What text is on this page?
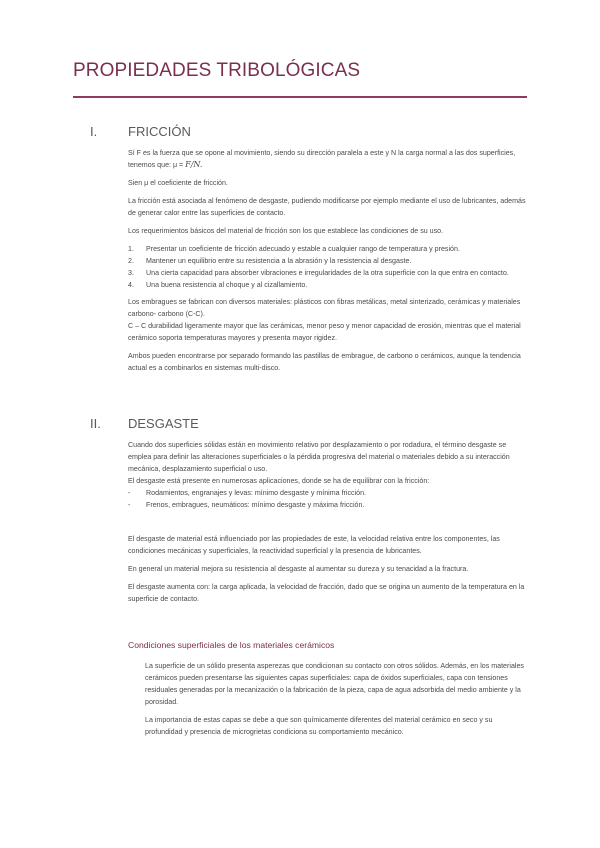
PROPIEDADES TRIBOLÓGICAS
I. FRICCIÓN

Sí F es la fuerza que se opone al movimiento, siendo su dirección paralela a este y N la carga normal a las dos superficies, tenemos que: μ = F/N.

Sien μ el coeficiente de fricción.

La fricción está asociada al fenómeno de desgaste, pudiendo modificarse por ejemplo mediante el uso de lubricantes, además de generar calor entre las superficies de contacto.

Los requerimientos básicos del material de fricción son los que establece las condiciones de su uso.

1. Presentar un coeficiente de fricción adecuado y estable a cualquier rango de temperatura y presión.
2. Mantener un equilibrio entre su resistencia a la abrasión y la resistencia al desgaste.
3. Una cierta capacidad para absorber vibraciones e irregularidades de la otra superficie con la que entra en contacto.
4. Una buena resistencia al choque y al cizallamiento.

Los embragues se fabrican con diversos materiales: plásticos con fibras metálicas, metal sinterizado, cerámicas y materiales carbono- carbono (C-C).

C – C durabilidad ligeramente mayor que las cerámicas, menor peso y menor capacidad de erosión, mientras que el material cerámico soporta temperaturas mayores y presenta mayor rigidez.

Ambos pueden encontrarse por separado formando las pastillas de embrague, de carbono o cerámicos, aunque la tendencia actual es a combinarlos en sistemas multi-disco.

II. DESGASTE

Cuando dos superficies sólidas están en movimiento relativo por desplazamiento o por rodadura, el término desgaste se emplea para definir las alteraciones superficiales o la pérdida progresiva del material o materiales debido a su interacción mecánica, desplazamiento superficial o uso.

El desgaste está presente en numerosas aplicaciones, donde se ha de equilibrar con la fricción:

- Rodamientos, engranajes y levas: mínimo desgaste y mínima fricción.
- Frenos, embragues, neumáticos: mínimo desgaste y máxima fricción.

El desgaste de material está influenciado por las propiedades de este, la velocidad relativa entre los componentes, las condiciones mecánicas y superficiales, la reactividad superficial y la presencia de lubricantes.

En general un material mejora su resistencia al desgaste al aumentar su dureza y su tenacidad a la fractura.

El desgaste aumenta con: la carga aplicada, la velocidad de fracción, dado que se origina un aumento de la temperatura en la superficie de contacto.

Condiciones superficiales de los materiales cerámicos

La superficie de un sólido presenta asperezas que condicionan su contacto con otros sólidos. Además, en los materiales cerámicos pueden presentarse las siguientes capas superficiales: capa de óxidos superficiales, capa con tensiones residuales generadas por la mecanización o la fabricación de la pieza, capa de agua adsorbida del medio ambiente y la porosidad.

La importancia de estas capas se debe a que son químicamente diferentes del material cerámico en seco y su profundidad y presencia de microgrietas condiciona su comportamiento mecánico.
